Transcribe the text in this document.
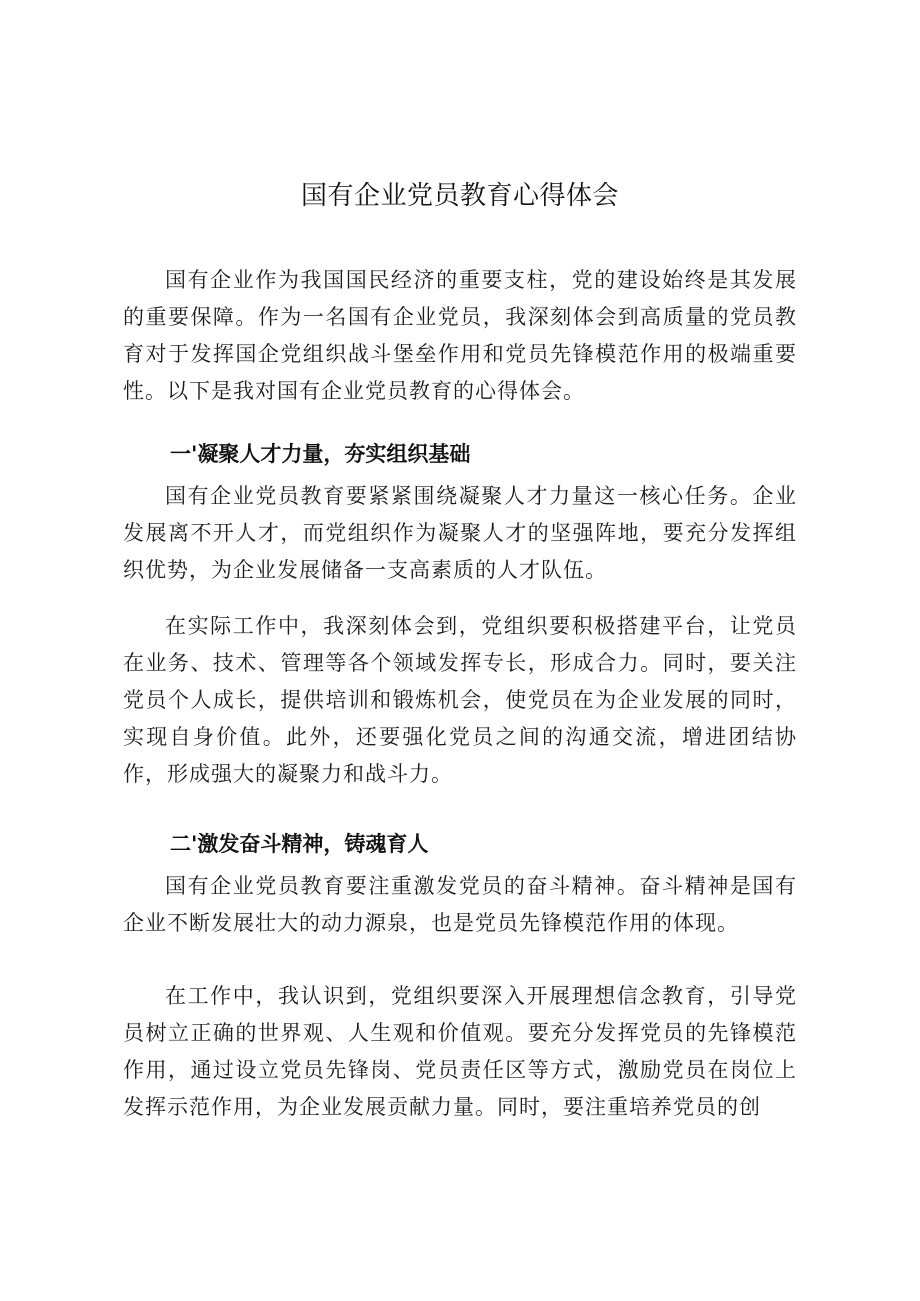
国有企业党员教育心得体会

国有企业作为我国国民经济的重要支柱，党的建设始终是其发展的重要保障。作为一名国有企业党员，我深刻体会到高质量的党员教育对于发挥国企党组织战斗堡垒作用和党员先锋模范作用的极端重要性。以下是我对国有企业党员教育的心得体会。

一'凝聚人才力量，夯实组织基础

国有企业党员教育要紧紧围绕凝聚人才力量这一核心任务。企业发展离不开人才，而党组织作为凝聚人才的坚强阵地，要充分发挥组织优势，为企业发展储备一支高素质的人才队伍。

在实际工作中，我深刻体会到，党组织要积极搭建平台，让党员在业务、技术、管理等各个领域发挥专长，形成合力。同时，要关注党员个人成长，提供培训和锻炼机会，使党员在为企业发展的同时，实现自身价值。此外，还要强化党员之间的沟通交流，增进团结协作，形成强大的凝聚力和战斗力。

二'激发奋斗精神，铸魂育人

国有企业党员教育要注重激发党员的奋斗精神。奋斗精神是国有企业不断发展壮大的动力源泉，也是党员先锋模范作用的体现。

在工作中，我认识到，党组织要深入开展理想信念教育，引导党员树立正确的世界观、人生观和价值观。要充分发挥党员的先锋模范作用，通过设立党员先锋岗、党员责任区等方式，激励党员在岗位上发挥示范作用，为企业发展贡献力量。同时，要注重培养党员的创
